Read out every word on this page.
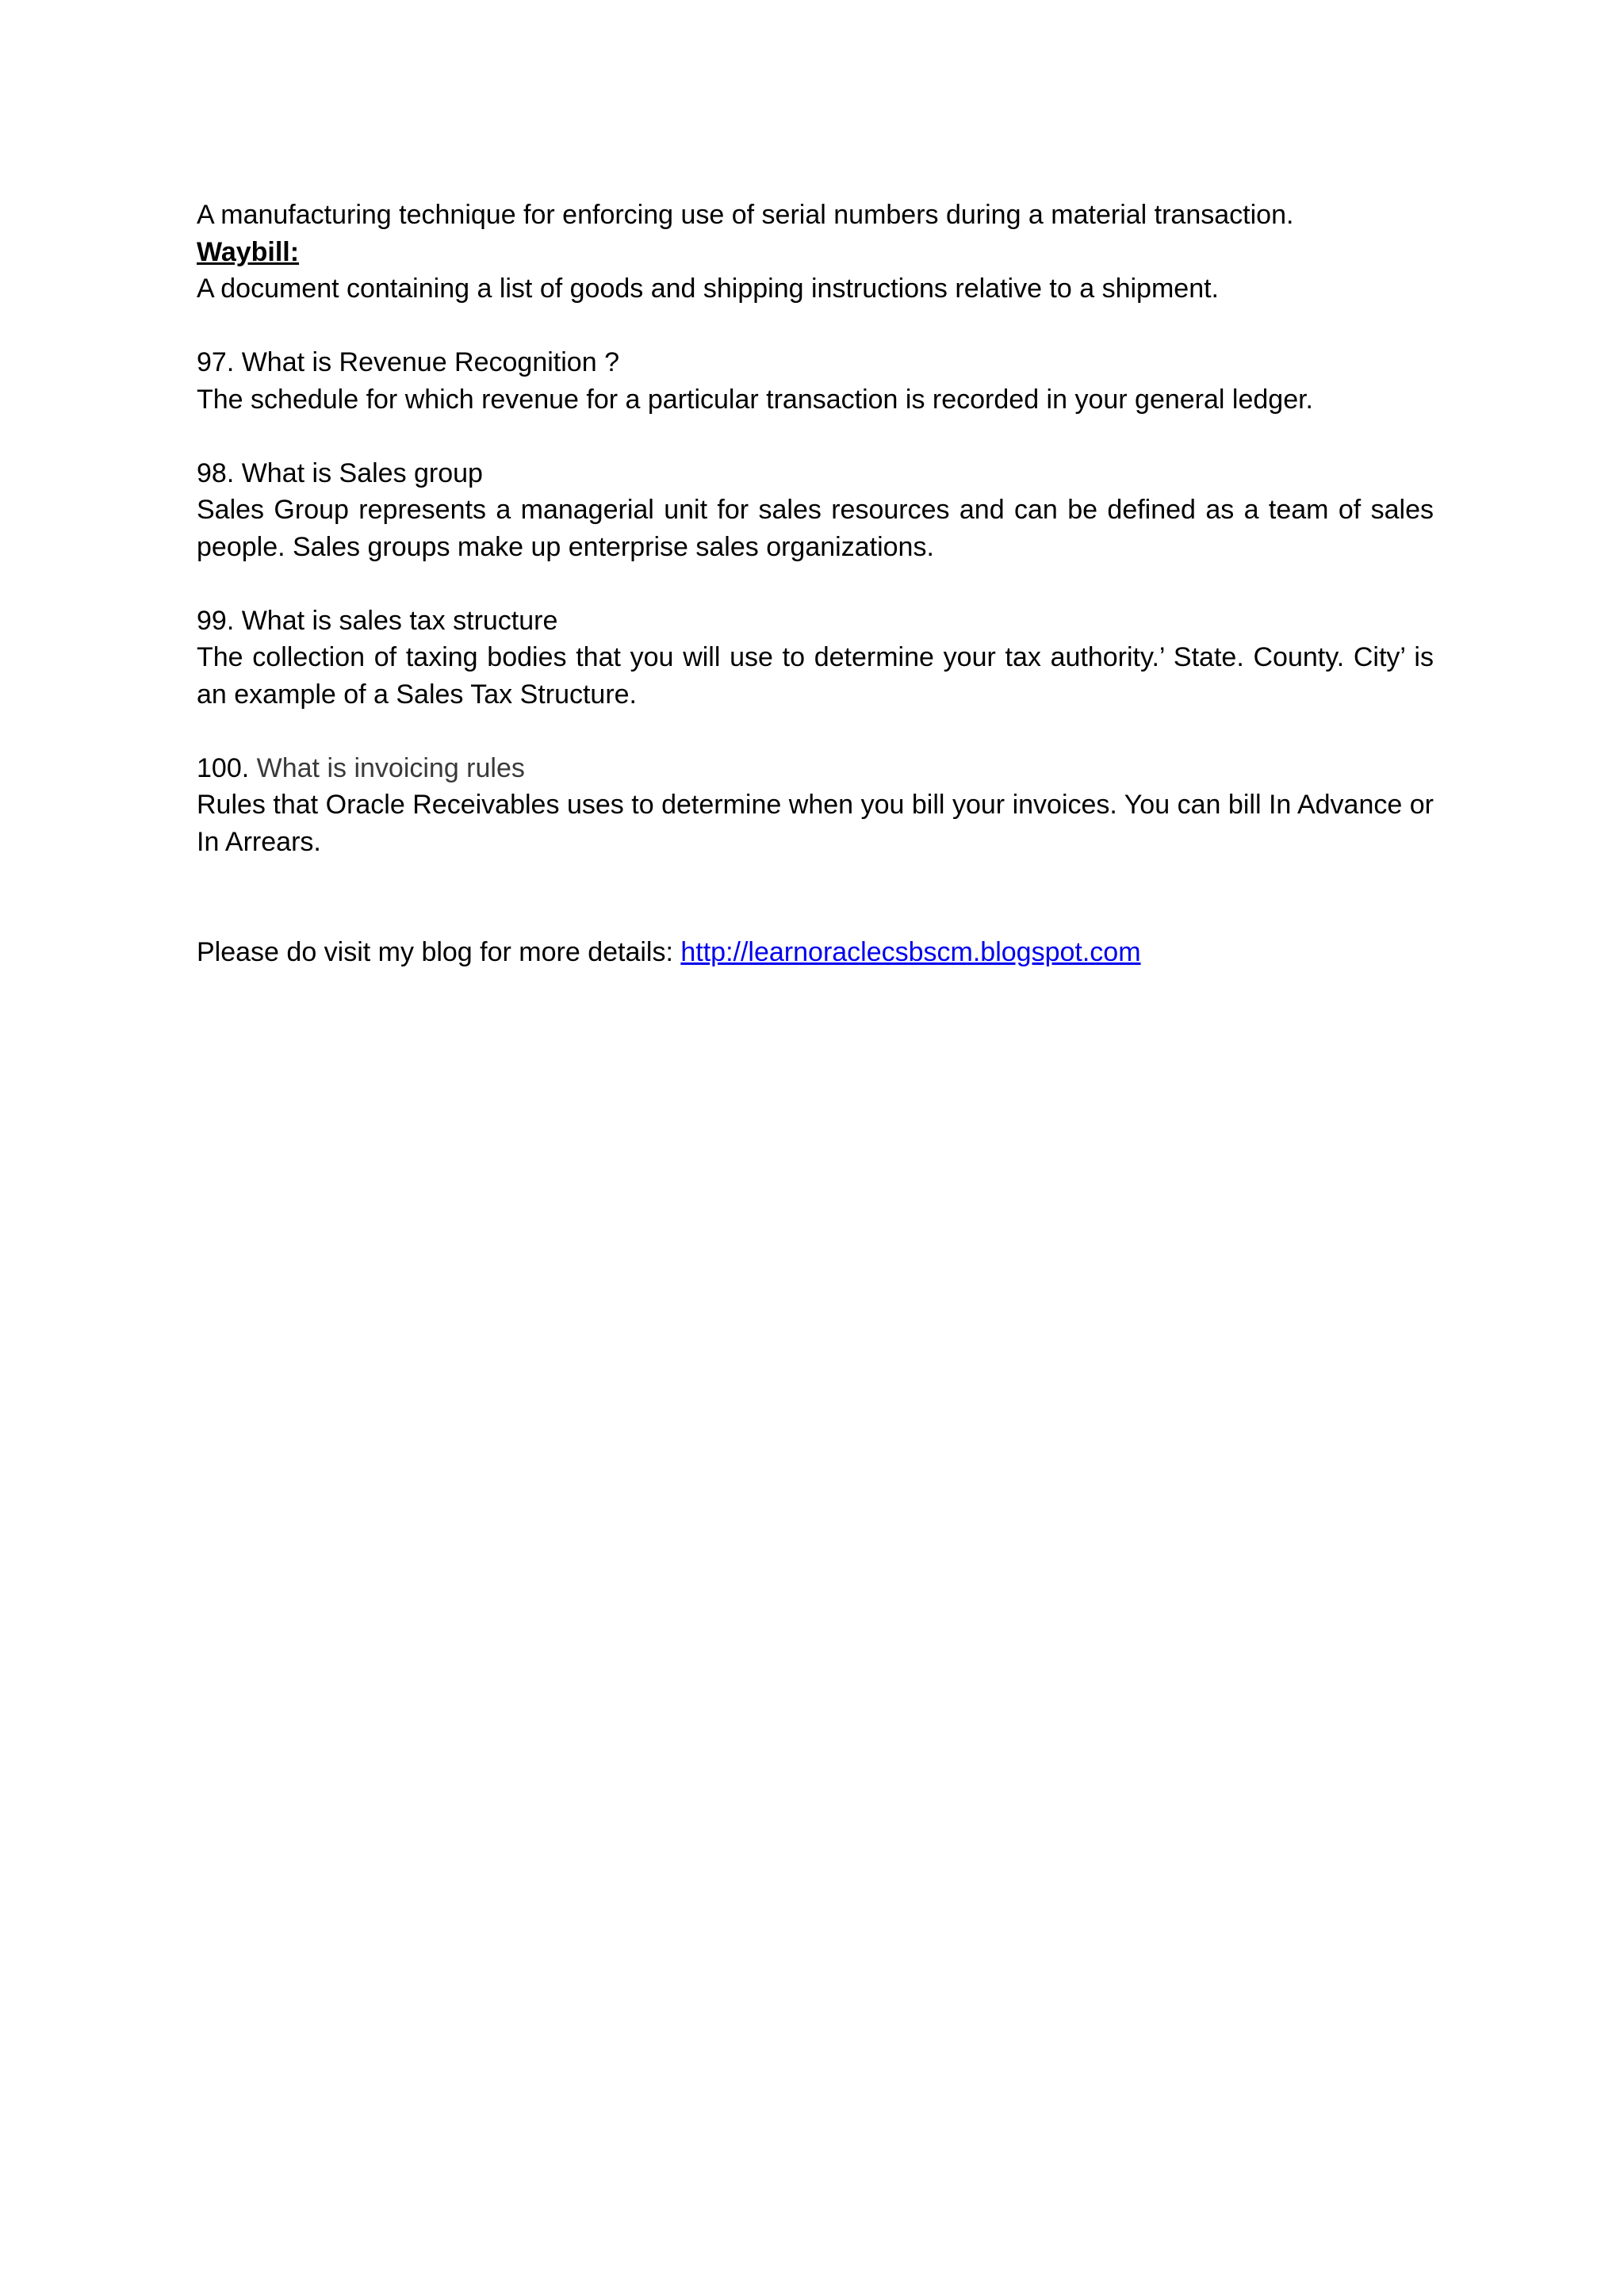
A manufacturing technique for enforcing use of serial numbers during a material transaction.
Waybill:
A document containing a list of goods and shipping instructions relative to a shipment.
97. What is Revenue Recognition ?
The schedule for which revenue for a particular transaction is recorded in your general ledger.
98. What is Sales group
Sales Group represents a managerial unit for sales resources and can be defined as a team of sales people. Sales groups make up enterprise sales organizations.
99. What is sales tax structure
The collection of taxing bodies that you will use to determine your tax authority.’ State. County. City’ is an example of a Sales Tax Structure.
100. What is invoicing rules
Rules that Oracle Receivables uses to determine when you bill your invoices. You can bill In Advance or In Arrears.
Please do visit my blog for more details: http://learnoraclecsbscm.blogspot.com
